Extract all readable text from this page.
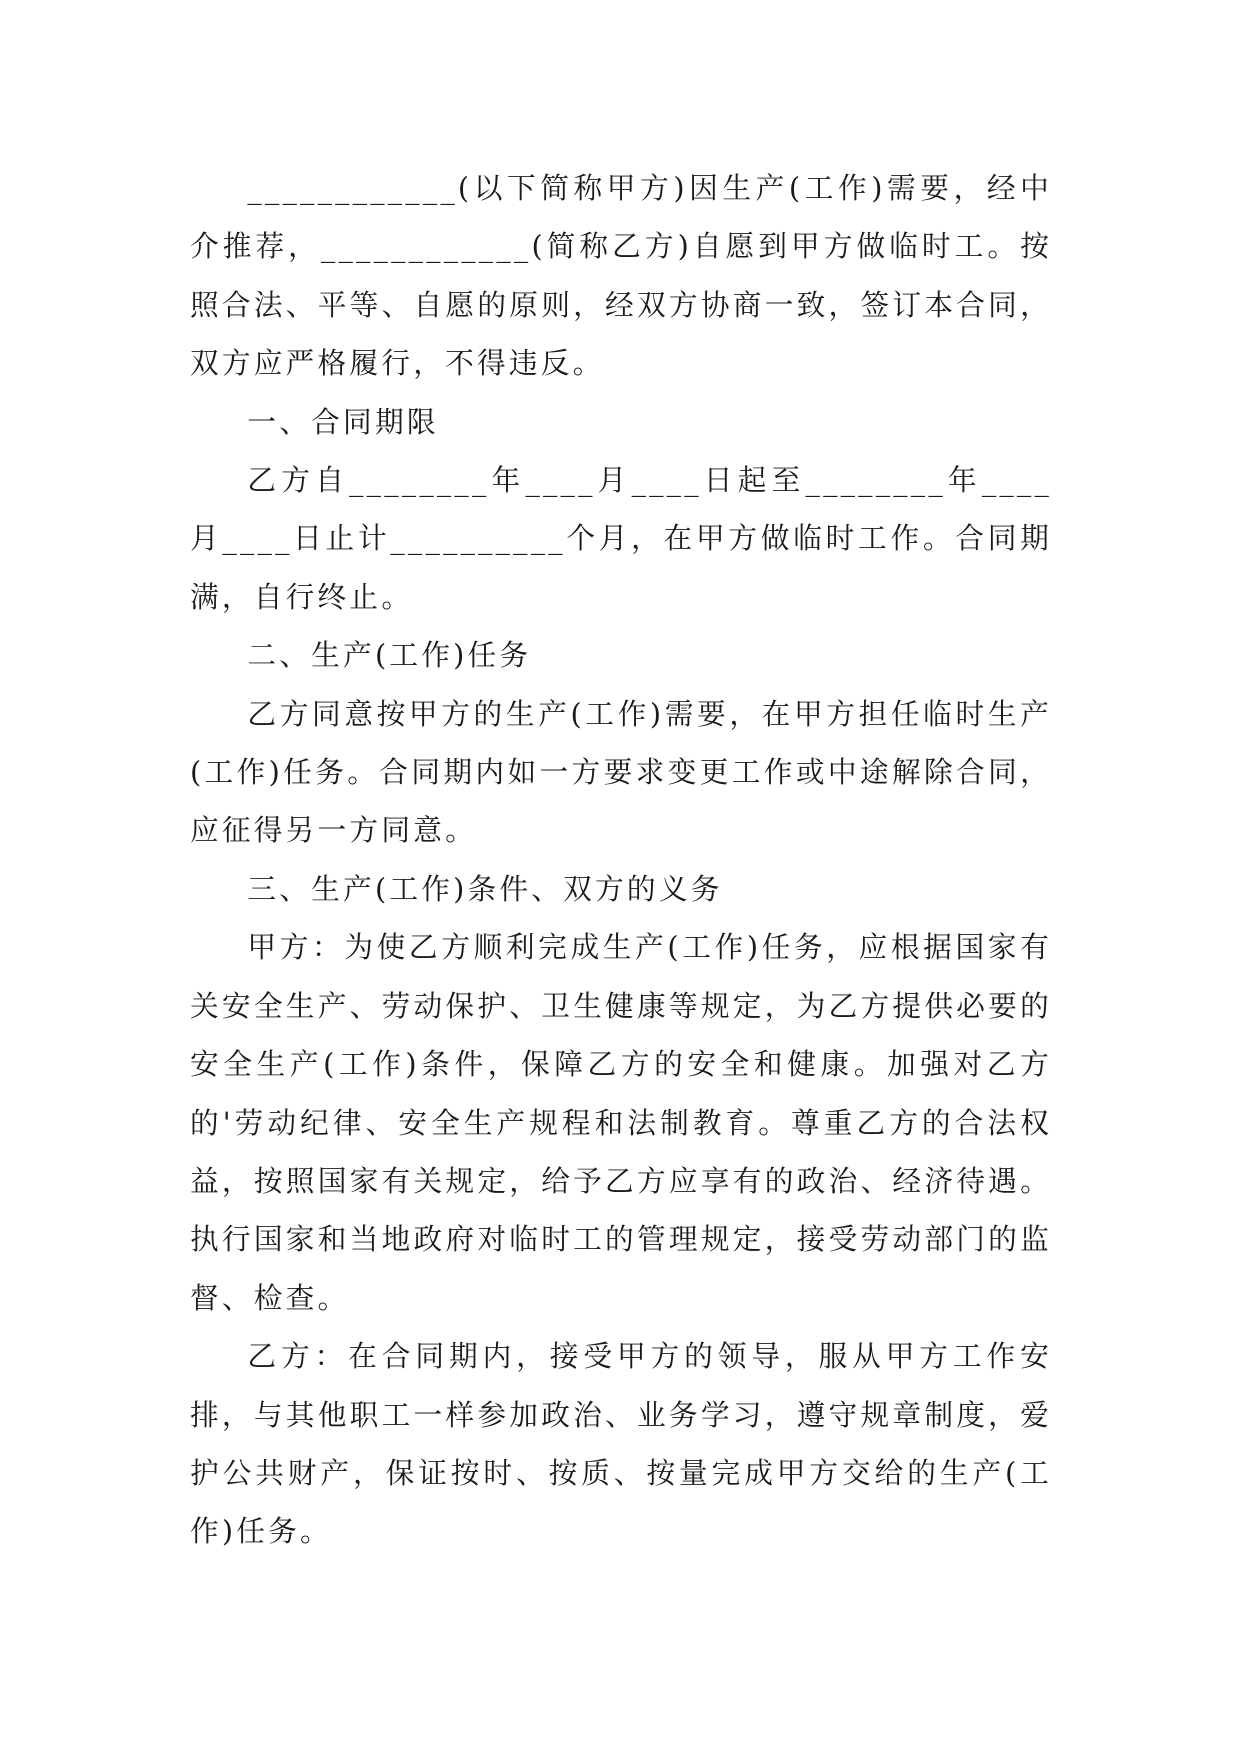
____________(以下简称甲方)因生产(工作)需要，经中介推荐，____________(简称乙方)自愿到甲方做临时工。按照合法、平等、自愿的原则，经双方协商一致，签订本合同，双方应严格履行，不得违反。

一、合同期限

乙方自________年____月____日起至________年____月____日止计__________个月，在甲方做临时工作。合同期满，自行终止。

二、生产(工作)任务

乙方同意按甲方的生产(工作)需要，在甲方担任临时生产(工作)任务。合同期内如一方要求变更工作或中途解除合同，应征得另一方同意。

三、生产(工作)条件、双方的义务

甲方：为使乙方顺利完成生产(工作)任务，应根据国家有关安全生产、劳动保护、卫生健康等规定，为乙方提供必要的安全生产(工作)条件，保障乙方的安全和健康。加强对乙方的'劳动纪律、安全生产规程和法制教育。尊重乙方的合法权益，按照国家有关规定，给予乙方应享有的政治、经济待遇。执行国家和当地政府对临时工的管理规定，接受劳动部门的监督、检查。

乙方：在合同期内，接受甲方的领导，服从甲方工作安排，与其他职工一样参加政治、业务学习，遵守规章制度，爱护公共财产，保证按时、按质、按量完成甲方交给的生产(工作)任务。
